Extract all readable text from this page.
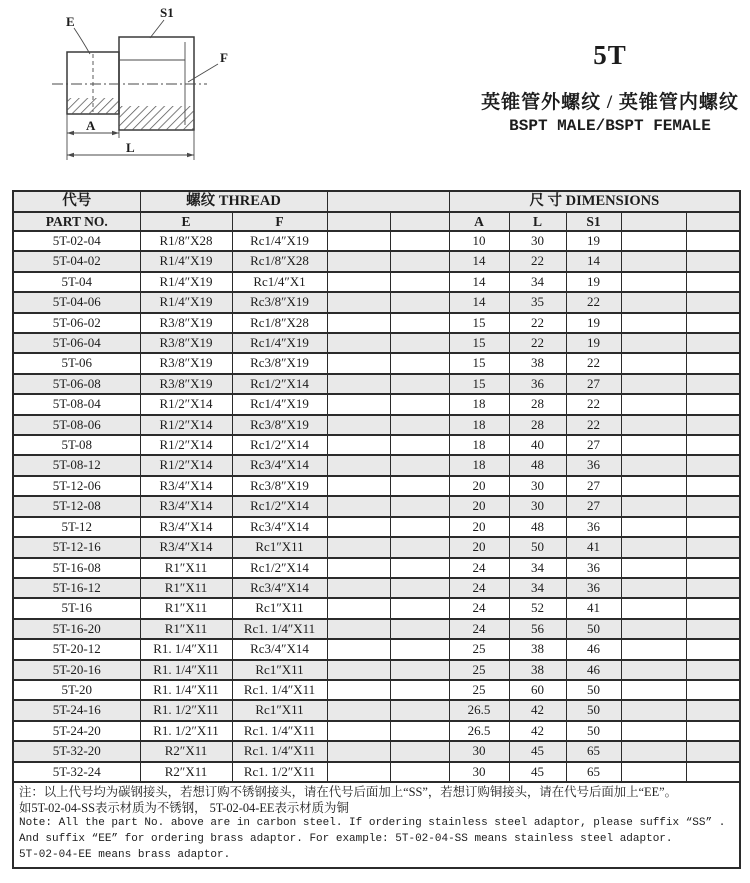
E
S1
F
A
L
5T
英锥管外螺纹 / 英锥管内螺纹
BSPT MALE/BSPT FEMALE
代号	螺纹 THREAD				尺 寸 DIMENSIONS				
PART NO.	E	F			A	L	S1		
5T-02-04	R1/8″X28	Rc1/4″X19			10	30	19		
5T-04-02	R1/4″X19	Rc1/8″X28			14	22	14		
5T-04	R1/4″X19	Rc1/4″X1			14	34	19		
5T-04-06	R1/4″X19	Rc3/8″X19			14	35	22		
5T-06-02	R3/8″X19	Rc1/8″X28			15	22	19		
5T-06-04	R3/8″X19	Rc1/4″X19			15	22	19		
5T-06	R3/8″X19	Rc3/8″X19			15	38	22		
5T-06-08	R3/8″X19	Rc1/2″X14			15	36	27		
5T-08-04	R1/2″X14	Rc1/4″X19			18	28	22		
5T-08-06	R1/2″X14	Rc3/8″X19			18	28	22		
5T-08	R1/2″X14	Rc1/2″X14			18	40	27		
5T-08-12	R1/2″X14	Rc3/4″X14			18	48	36		
5T-12-06	R3/4″X14	Rc3/8″X19			20	30	27		
5T-12-08	R3/4″X14	Rc1/2″X14			20	30	27		
5T-12	R3/4″X14	Rc3/4″X14			20	48	36		
5T-12-16	R3/4″X14	Rc1″X11			20	50	41		
5T-16-08	R1″X11	Rc1/2″X14			24	34	36		
5T-16-12	R1″X11	Rc3/4″X14			24	34	36		
5T-16	R1″X11	Rc1″X11			24	52	41		
5T-16-20	R1″X11	Rc1. 1/4″X11			24	56	50		
5T-20-12	R1. 1/4″X11	Rc3/4″X14			25	38	46		
5T-20-16	R1. 1/4″X11	Rc1″X11			25	38	46		
5T-20	R1. 1/4″X11	Rc1. 1/4″X11			25	60	50		
5T-24-16	R1. 1/2″X11	Rc1″X11			26.5	42	50		
5T-24-20	R1. 1/2″X11	Rc1. 1/4″X11			26.5	42	50		
5T-32-20	R2″X11	Rc1. 1/4″X11			30	45	65		
5T-32-24	R2″X11	Rc1. 1/2″X11			30	45	65		
注：以上代号均为碳钢接头，若想订购不锈钢接头，请在代号后面加上“SS”，若想订购铜接头，请在代号后面加上“EE”。
如5T-02-04-SS表示材质为不锈钢， 5T-02-04-EE表示材质为铜
Note: All the part No. above are in carbon steel. If ordering stainless steel adaptor, please suffix “SS” .
And suffix “EE” for ordering brass adaptor. For example: 5T-02-04-SS means stainless steel adaptor.
5T-02-04-EE means brass adaptor.
